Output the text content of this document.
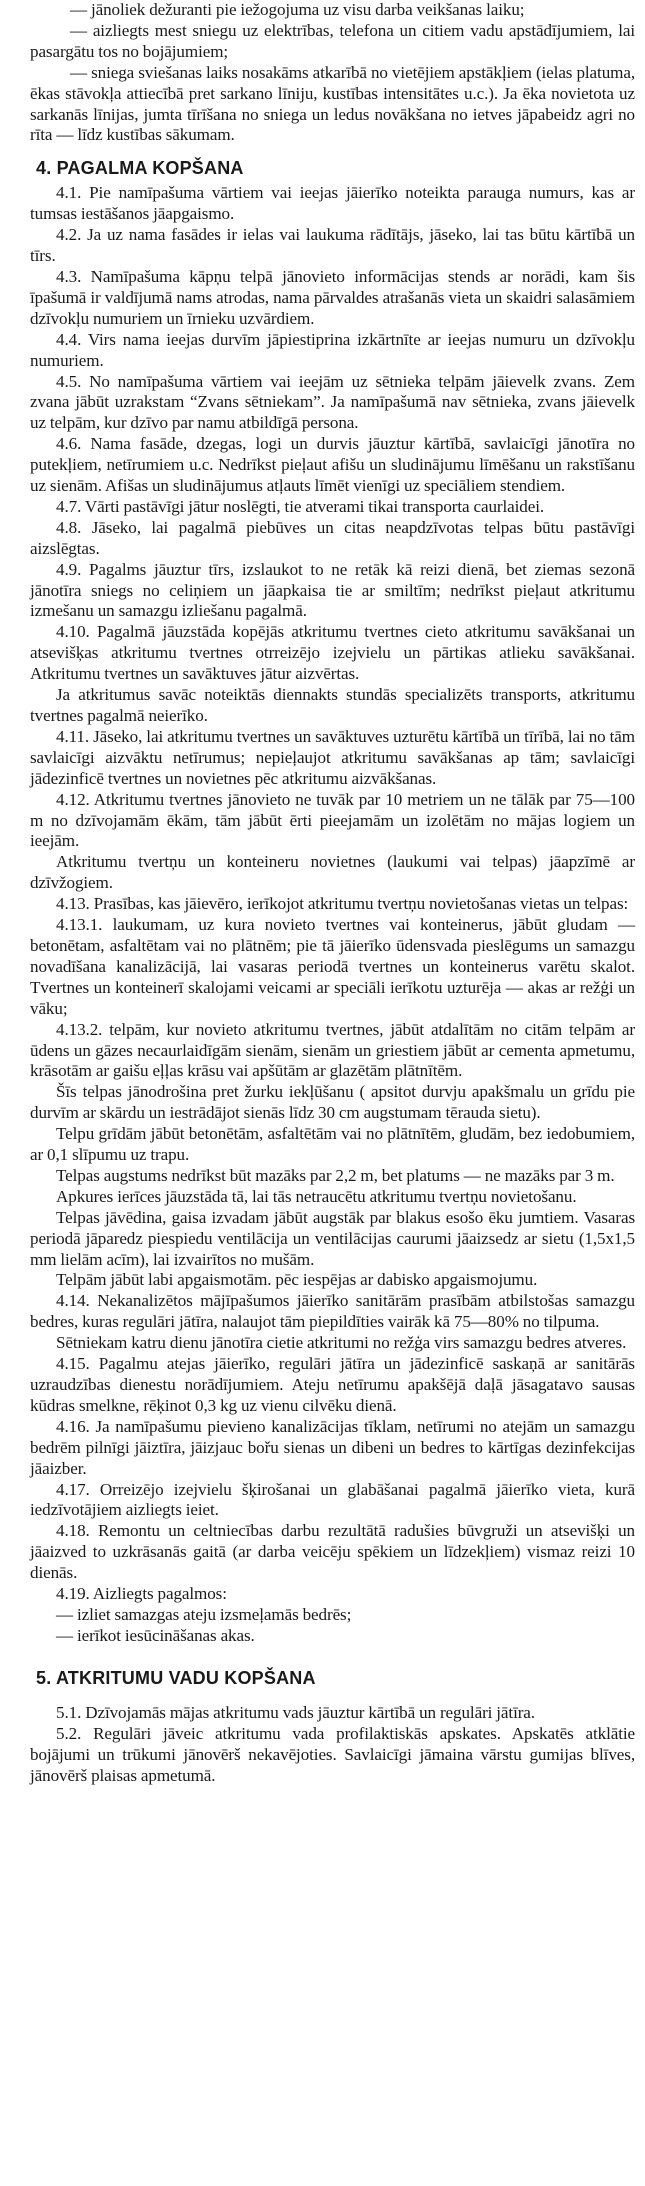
— jānoliek dežuranti pie iežogojuma uz visu darba veikšanas laiku;

— aizliegts mest sniegu uz elektrības, telefona un citiem vadu apstādījumiem, lai pasargātu tos no bojājumiem;

— sniega sviešanas laiks nosakāms atkarībā no vietējiem apstākļiem (ielas platuma, ēkas stāvokļa attiecībā pret sarkano līniju, kustības intensitātes u.c.). Ja ēka novietota uz sarkanās līnijas, jumta tīrīšana no sniega un ledus novākšana no ietves jāpabeidz agri no rīta — līdz kustības sākumam.

4. PAGALMA KOPŠANA

4.1. Pie namīpašuma vārtiem vai ieejas jāierīko noteikta parauga numurs, kas ar tumsas iestāšanos jāapgaismo.

4.2. Ja uz nama fasādes ir ielas vai laukuma rādītājs, jāseko, lai tas būtu kārtībā un tīrs.

4.3. Namīpašuma kāpņu telpā jānovieto informācijas stends ar norādi, kam šis īpašumā ir valdījumā nams atrodas, nama pārvaldes atrašanās vieta un skaidri salasāmiem dzīvokļu numuriem un īrnieku uzvārdiem.

4.4. Virs nama ieejas durvīm jāpiestiprina izkārtnīte ar ieejas numuru un dzīvokļu numuriem.

4.5. No namīpašuma vārtiem vai ieejām uz sētnieka telpām jāievelk zvans. Zem zvana jābūt uzrakstam “Zvans sētniekam”. Ja namīpašumā nav sētnieka, zvans jāievelk uz telpām, kur dzīvo par namu atbildīgā persona.

4.6. Nama fasāde, dzegas, logi un durvis jāuztur kārtībā, savlaicīgi jānotīra no putekļiem, netīrumiem u.c. Nedrīkst pieļaut afišu un sludinājumu līmēšanu un rakstīšanu uz sienām. Afišas un sludinājumus atļauts līmēt vienīgi uz speciāliem stendiem.

4.7. Vārti pastāvīgi jātur noslēgti, tie atverami tikai transporta caurlaidei.

4.8. Jāseko, lai pagalmā piebūves un citas neapdzīvotas telpas būtu pastāvīgi aizslēgtas.

4.9. Pagalms jāuztur tīrs, izslaukot to ne retāk kā reizi dienā, bet ziemas sezonā jānotīra sniegs no celiņiem un jāapkaisa tie ar smiltīm; nedrīkst pieļaut atkritumu izmešanu un samazgu izliešanu pagalmā.

4.10. Pagalmā jāuzstāda kopējās atkritumu tvertnes cieto atkritumu savākšanai un atsevišķas atkritumu tvertnes otrreizējo izejvielu un pārtikas atlieku savākšanai. Atkritumu tvertnes un savāktuves jātur aizvērtas.

Ja atkritumus savāc noteiktās diennakts stundās specializēts transports, atkritumu tvertnes pagalmā neierīko.

4.11. Jāseko, lai atkritumu tvertnes un savāktuves uzturētu kārtībā un tīrībā, lai no tām savlaicīgi aizvāktu netīrumus; nepieļaujot atkritumu savākšanas ap tām; savlaicīgi jādezinficē tvertnes un novietnes pēc atkritumu aizvākšanas.

4.12. Atkritumu tvertnes jānovieto ne tuvāk par 10 metriem un ne tālāk par 75—100 m no dzīvojamām ēkām, tām jābūt ērti pieejamām un izolētām no mājas logiem un ieejām.

Atkritumu tvertņu un konteineru novietnes (laukumi vai telpas) jāapzīmē ar dzīvžogiem.

4.13. Prasības, kas jāievēro, ierīkojot atkritumu tvertņu novietošanas vietas un telpas:

4.13.1. laukumam, uz kura novieto tvertnes vai konteinerus, jābūt gludam — betonētam, asfaltētam vai no plātnēm; pie tā jāierīko ūdensvada pieslēgums un samazgu novadīšana kanalizācijā, lai vasaras periodā tvertnes un konteinerus varētu skalot. Tvertnes un konteinerī skalojami veicami ar speciāli ierīkotu uzturēja — akas ar režģi un vāku;

4.13.2. telpām, kur novieto atkritumu tvertnes, jābūt atdalītām no citām telpām ar ūdens un gāzes necaurlaidīgām sienām, sienām un griestiem jābūt ar cementa apmetumu, krāsotām ar gaišu eļļas krāsu vai apšūtām ar glazētām plātnītēm.

Šīs telpas jānodrošina pret žurku iekļūšanu ( apsitot durvju apakšmalu un grīdu pie durvīm ar skārdu un iestrādājot sienās līdz 30 cm augstumam tērauda sietu).

Telpu grīdām jābūt betonētām, asfaltētām vai no plātnītēm, gludām, bez iedobumiem, ar 0,1 slīpumu uz trapu.

Telpas augstums nedrīkst būt mazāks par 2,2 m, bet platums — ne mazāks par 3 m.

Apkures ierīces jāuzstāda tā, lai tās netraucētu atkritumu tvertņu novietošanu.

Telpas jāvēdina, gaisa izvadam jābūt augstāk par blakus esošo ēku jumtiem. Vasaras periodā jāparedz piespiedu ventilācija un ventilācijas caurumi jāaizsedz ar sietu (1,5x1,5 mm lielām acīm), lai izvairītos no mušām.

Telpām jābūt labi apgaismotām. pēc iespējas ar dabisko apgaismojumu.

4.14. Nekanalizētos mājīpašumos jāierīko sanitārām prasībām atbilstošas samazgu bedres, kuras regulāri jātīra, nalaujot tām piepildīties vairāk kā 75—80% no tilpuma.

Sētniekam katru dienu jānotīra cietie atkritumi no režģa virs samazgu bedres atveres.

4.15. Pagalmu atejas jāierīko, regulāri jātīra un jādezinficē saskaņā ar sanitārās uzraudzības dienestu norādījumiem. Ateju netīrumu apakšējā daļā jāsagatavo sausas kūdras smelkne, rēķinot 0,3 kg uz vienu cilvēku dienā.

4.16. Ja namīpašumu pievieno kanalizācijas tīklam, netīrumi no atejām un samazgu bedrēm pilnīgi jāiztīra, jāizjauc bořu sienas un dibeni un bedres to kārtīgas dezinfekcijas jāaizber.

4.17. Orreizējo izejvielu šķirošanai un glabāšanai pagalmā jāierīko vieta, kurā iedzīvotājiem aizliegts ieiet.

4.18. Remontu un celtniecības darbu rezultātā radušies būvgruži un atsevišķi un jāaizved to uzkrāsanās gaitā (ar darba veicēju spēkiem un līdzekļiem) vismaz reizi 10 dienās.

4.19. Aizliegts pagalmos:

— izliet samazgas ateju izsmeļamās bedrēs;

— ierīkot iesūcināšanas akas.

5. ATKRITUMU VADU KOPŠANA

5.1. Dzīvojamās mājas atkritumu vads jāuztur kārtībā un regulāri jātīra.

5.2. Regulāri jāveic atkritumu vada profilaktiskās apskates. Apskatēs atklātie bojājumi un trūkumi jānovērš nekavējoties. Savlaicīgi jāmaina vārstu gumijas blīves, jānovērš plaisas apmetumā.
